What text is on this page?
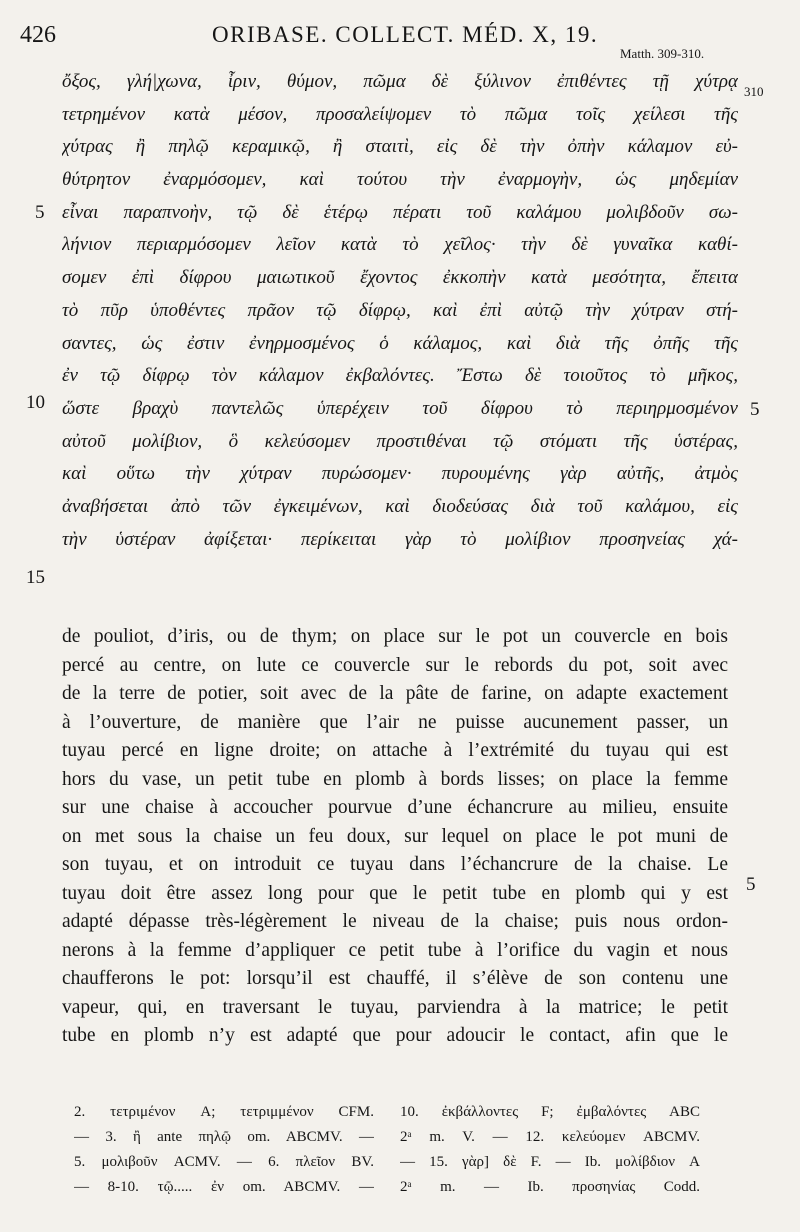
426	ORIBASE. COLLECT. MÉD. X, 19.
Matth. 309-310.
310
5
10
15
5
ὄξος, γλή|χωνα, ἶριν, θύμον, πῶμα δὲ ξύλινον ἐπιθέντες τῇ χύτρᾳ
τετρημένον κατὰ μέσον, προσαλείψομεν τὸ πῶμα τοῖς χείλεσι τῆς
χύτρας ἢ πηλῷ κεραμικῷ, ἢ σταιτὶ, εἰς δὲ τὴν ὀπὴν κάλαμον εὐ-
θύτρητον ἐναρμόσομεν, καὶ τούτου τὴν ἐναρμογὴν, ὡς μηδεμίαν
εἶναι παραπνοὴν, τῷ δὲ ἑτέρῳ πέρατι τοῦ καλάμου μολιβδοῦν σω-
λήνιον περιαρμόσομεν λεῖον κατὰ τὸ χεῖλος· τὴν δὲ γυναῖκα καθί-
σομεν ἐπὶ δίφρου μαιωτικοῦ ἔχοντος ἐκκοπὴν κατὰ μεσότητα, ἔπειτα
τὸ πῦρ ὑποθέντες πρᾶον τῷ δίφρῳ, καὶ ἐπὶ αὐτῷ τὴν χύτραν στή-
σαντες, ὡς ἐστιν ἐνηρμοσμένος ὁ κάλαμος, καὶ διὰ τῆς ὀπῆς τῆς
ἐν τῷ δίφρῳ τὸν κάλαμον ἐκβαλόντες. Ἔστω δὲ τοιοῦτος τὸ μῆκος,
ὥστε βραχὺ παντελῶς ὑπερέχειν τοῦ δίφρου τὸ περιηρμοσμένον
αὐτοῦ μολίβιον, ὃ κελεύσομεν προστιθέναι τῷ στόματι τῆς ὑστέρας,
καὶ οὕτω τὴν χύτραν πυρώσομεν· πυρουμένης γὰρ αὐτῆς, ἀτμὸς
ἀναβήσεται ἀπὸ τῶν ἐγκειμένων, καὶ διοδεύσας διὰ τοῦ καλάμου, εἰς
τὴν ὑστέραν ἀφίξεται· περίκειται γὰρ τὸ μολίβιον προσηνείας χά-
5
de pouliot, d’iris, ou de thym; on place sur le pot un couvercle en bois
percé au centre, on lute ce couvercle sur le rebords du pot, soit avec
de la terre de potier, soit avec de la pâte de farine, on adapte exactement
à l’ouverture, de manière que l’air ne puisse aucunement passer, un
tuyau percé en ligne droite; on attache à l’extrémité du tuyau qui est
hors du vase, un petit tube en plomb à bords lisses; on place la femme
sur une chaise à accoucher pourvue d’une échancrure au milieu, ensuite
on met sous la chaise un feu doux, sur lequel on place le pot muni de
son tuyau, et on introduit ce tuyau dans l’échancrure de la chaise. Le
tuyau doit être assez long pour que le petit tube en plomb qui y est
adapté dépasse très-légèrement le niveau de la chaise; puis nous ordon-
nerons à la femme d’appliquer ce petit tube à l’orifice du vagin et nous
chaufferons le pot: lorsqu’il est chauffé, il s’élève de son contenu une
vapeur, qui, en traversant le tuyau, parviendra à la matrice; le petit
tube en plomb n’y est adapté que pour adoucir le contact, afin que le
2. τετριμένον A; τετριμμένον CFM.
— 3. ἢ ante πηλῷ om. ABCMV. —
5. μολιβοῦν ACMV. — 6. πλεῖον BV.
— 8-10. τῷ..... ἐν om. ABCMV. —
10. ἐκβάλλοντες F; ἐμβαλόντες ABC
2ᵃ m. V. — 12. κελεύομεν ABCMV.
— 15. γὰρ] δὲ F. — Ib. μολίβδιον A
2ᵃ m. — Ib. προσηνίας Codd.
